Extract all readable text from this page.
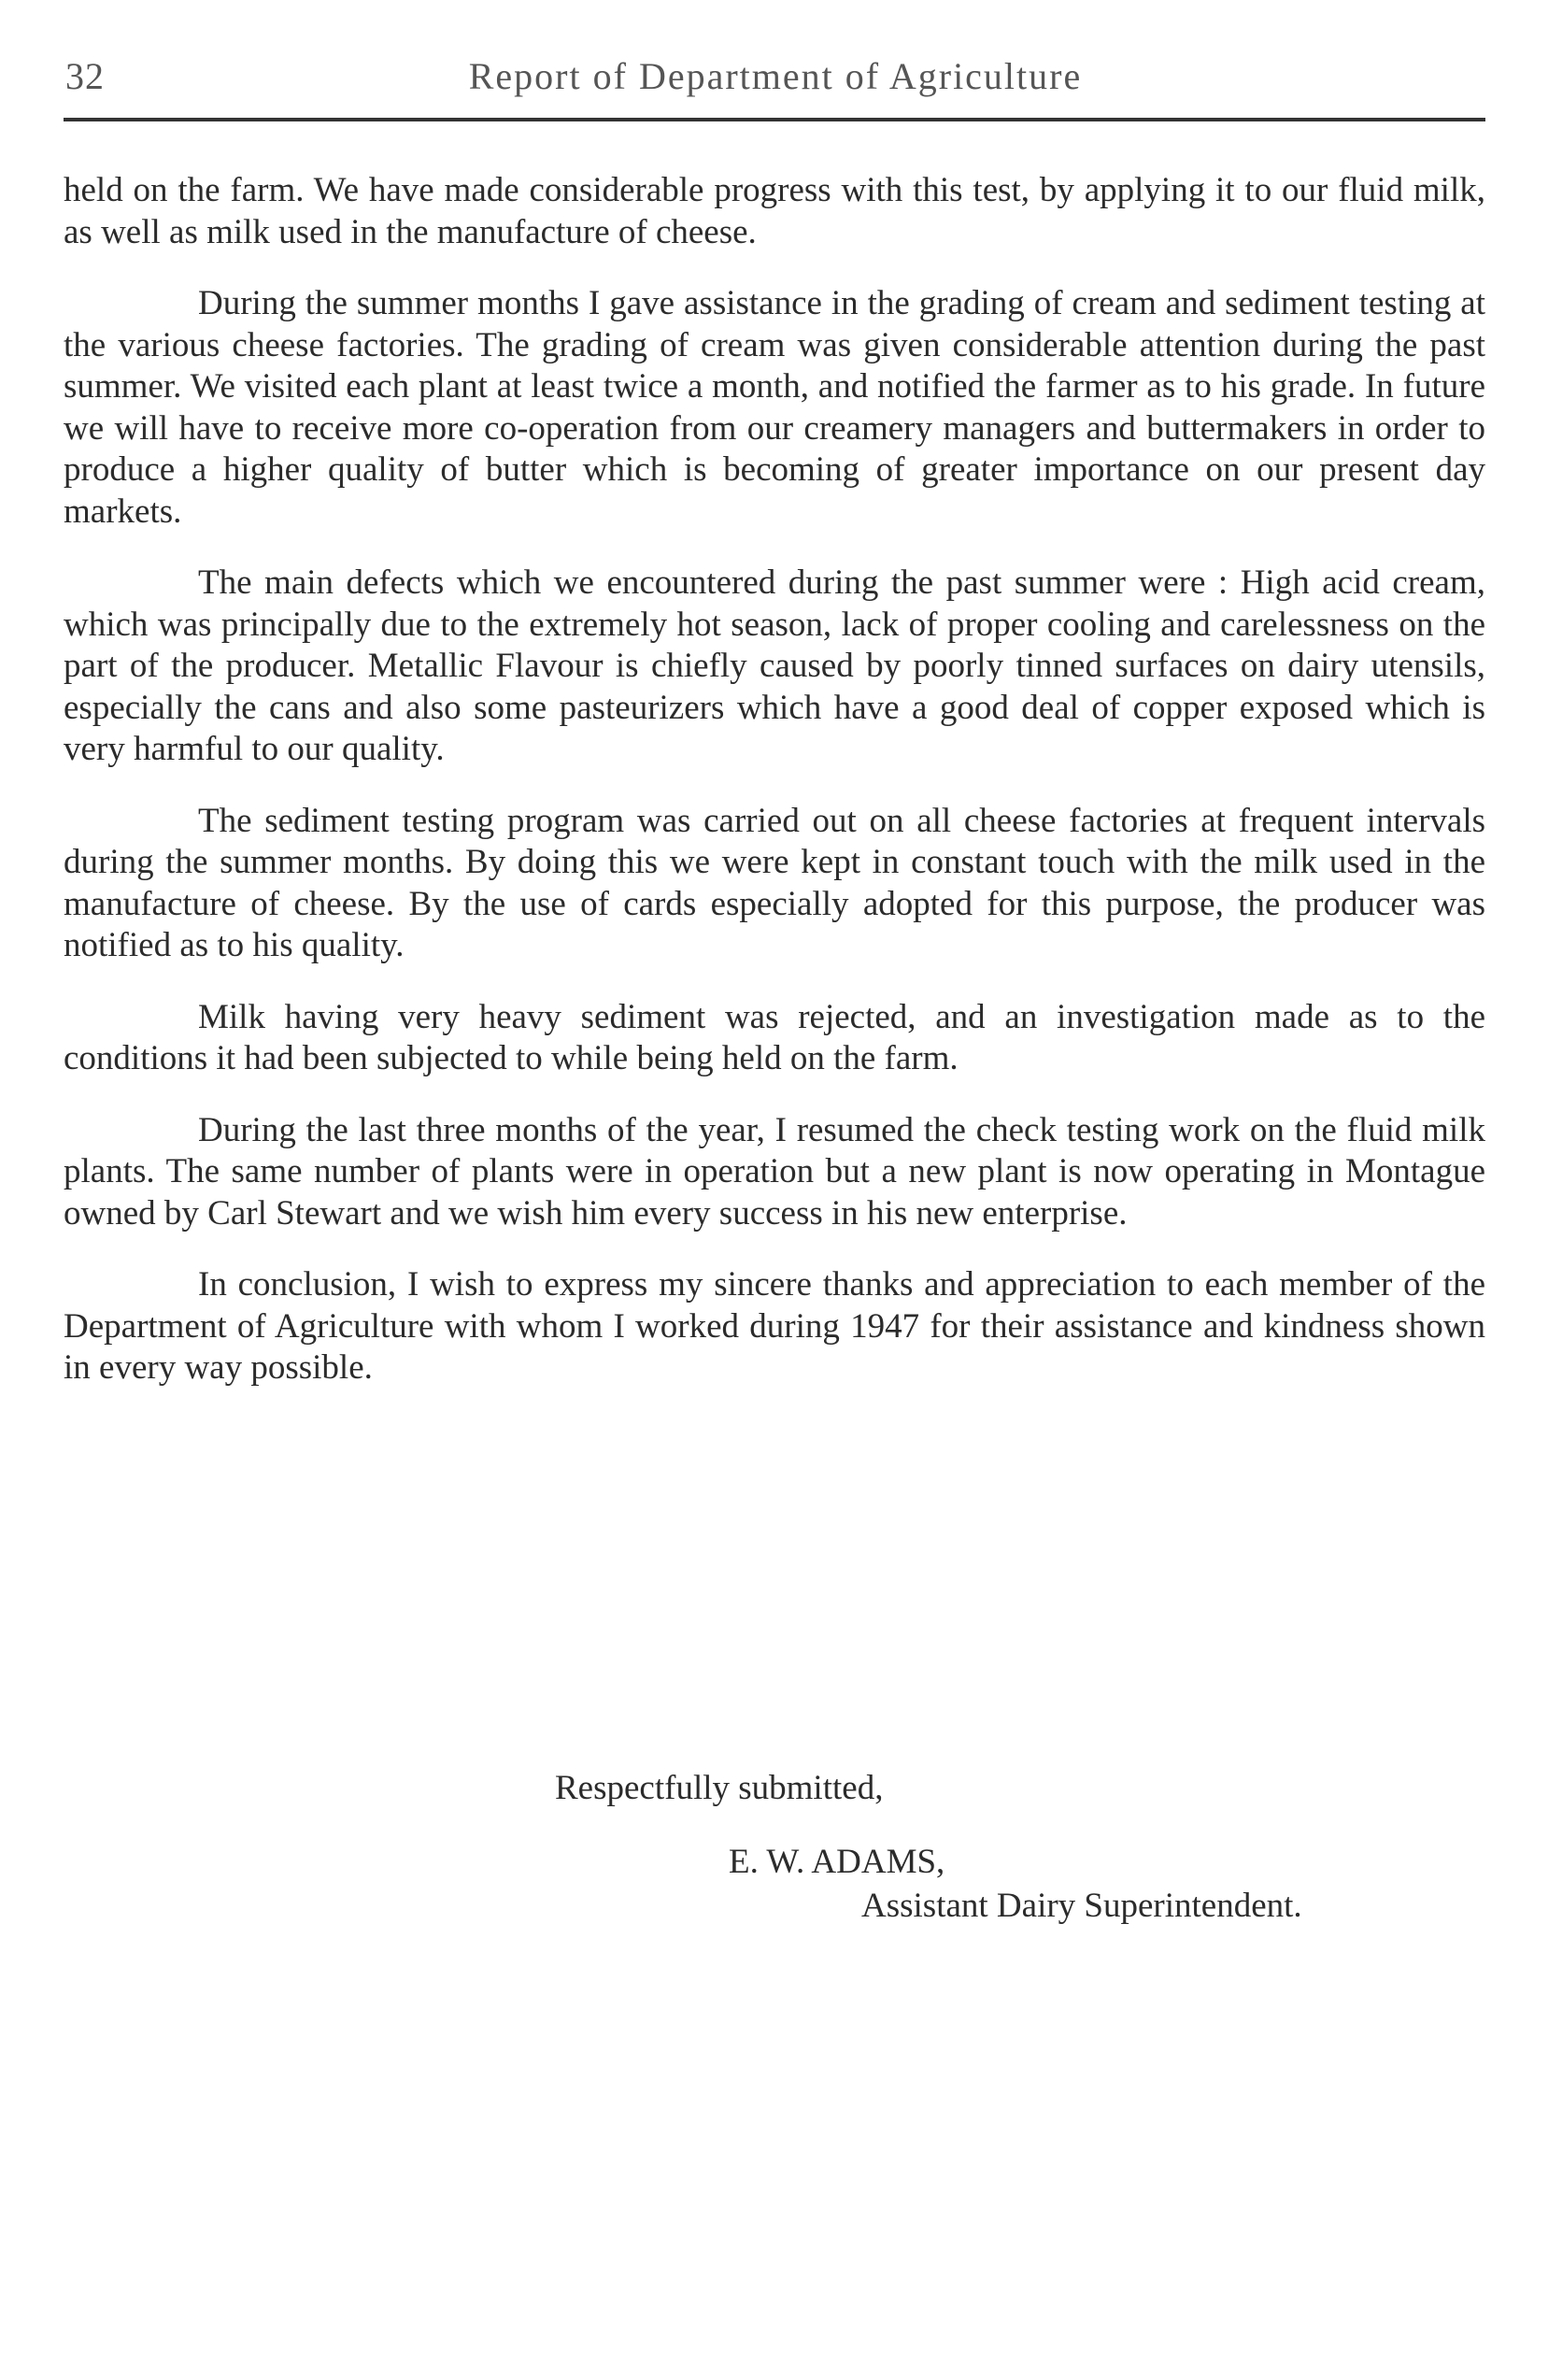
32	Report of Department of Agriculture

held on the farm. We have made considerable progress with this test, by applying it to our fluid milk, as well as milk used in the manufacture of cheese.

During the summer months I gave assistance in the grading of cream and sediment testing at the various cheese factories. The grading of cream was given considerable attention during the past summer. We visited each plant at least twice a month, and notified the farmer as to his grade. In future we will have to receive more co-operation from our creamery managers and buttermakers in order to produce a higher quality of butter which is becoming of greater importance on our present day markets.

The main defects which we encountered during the past summer were : High acid cream, which was principally due to the extremely hot season, lack of proper cooling and carelessness on the part of the producer. Metallic Flavour is chiefly caused by poorly tinned surfaces on dairy utensils, especially the cans and also some pasteurizers which have a good deal of copper exposed which is very harmful to our quality.

The sediment testing program was carried out on all cheese factories at frequent intervals during the summer months. By doing this we were kept in constant touch with the milk used in the manufacture of cheese. By the use of cards especially adopted for this purpose, the producer was notified as to his quality.

Milk having very heavy sediment was rejected, and an investigation made as to the conditions it had been subjected to while being held on the farm.

During the last three months of the year, I resumed the check testing work on the fluid milk plants. The same number of plants were in operation but a new plant is now operating in Montague owned by Carl Stewart and we wish him every success in his new enterprise.

In conclusion, I wish to express my sincere thanks and appreciation to each member of the Department of Agriculture with whom I worked during 1947 for their assistance and kindness shown in every way possible.

Respectfully submitted,
E. W. ADAMS,
Assistant Dairy Superintendent.
